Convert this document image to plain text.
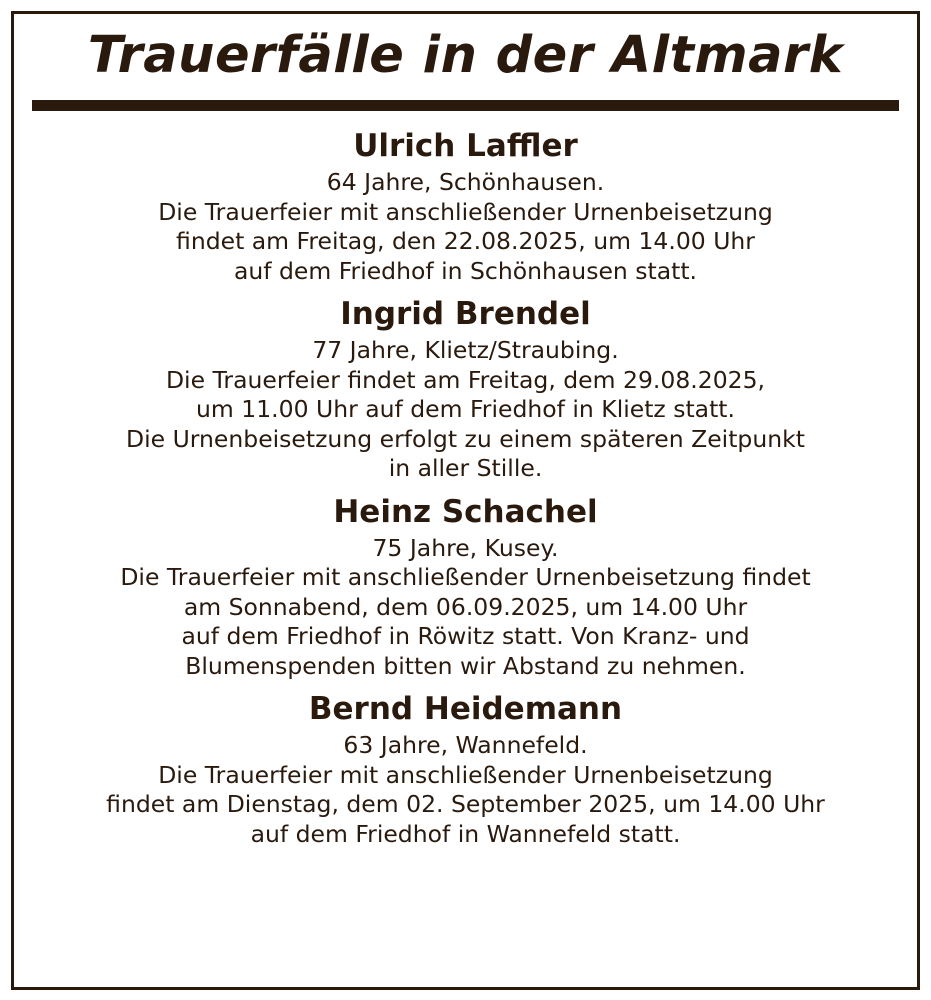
Trauerfälle in der Altmark

Ulrich Laffler

64 Jahre, Schönhausen.

Die Trauerfeier mit anschließender Urnenbeisetzung

findet am Freitag, den 22.08.2025, um 14.00 Uhr

auf dem Friedhof in Schönhausen statt.

Ingrid Brendel

77 Jahre, Klietz/Straubing.

Die Trauerfeier findet am Freitag, dem 29.08.2025,

um 11.00 Uhr auf dem Friedhof in Klietz statt.

Die Urnenbeisetzung erfolgt zu einem späteren Zeitpunkt

in aller Stille.

Heinz Schachel

75 Jahre, Kusey.

Die Trauerfeier mit anschließender Urnenbeisetzung findet

am Sonnabend, dem 06.09.2025, um 14.00 Uhr

auf dem Friedhof in Röwitz statt. Von Kranz- und

Blumenspenden bitten wir Abstand zu nehmen.

Bernd Heidemann

63 Jahre, Wannefeld.

Die Trauerfeier mit anschließender Urnenbeisetzung

findet am Dienstag, dem 02. September 2025, um 14.00 Uhr

auf dem Friedhof in Wannefeld statt.
